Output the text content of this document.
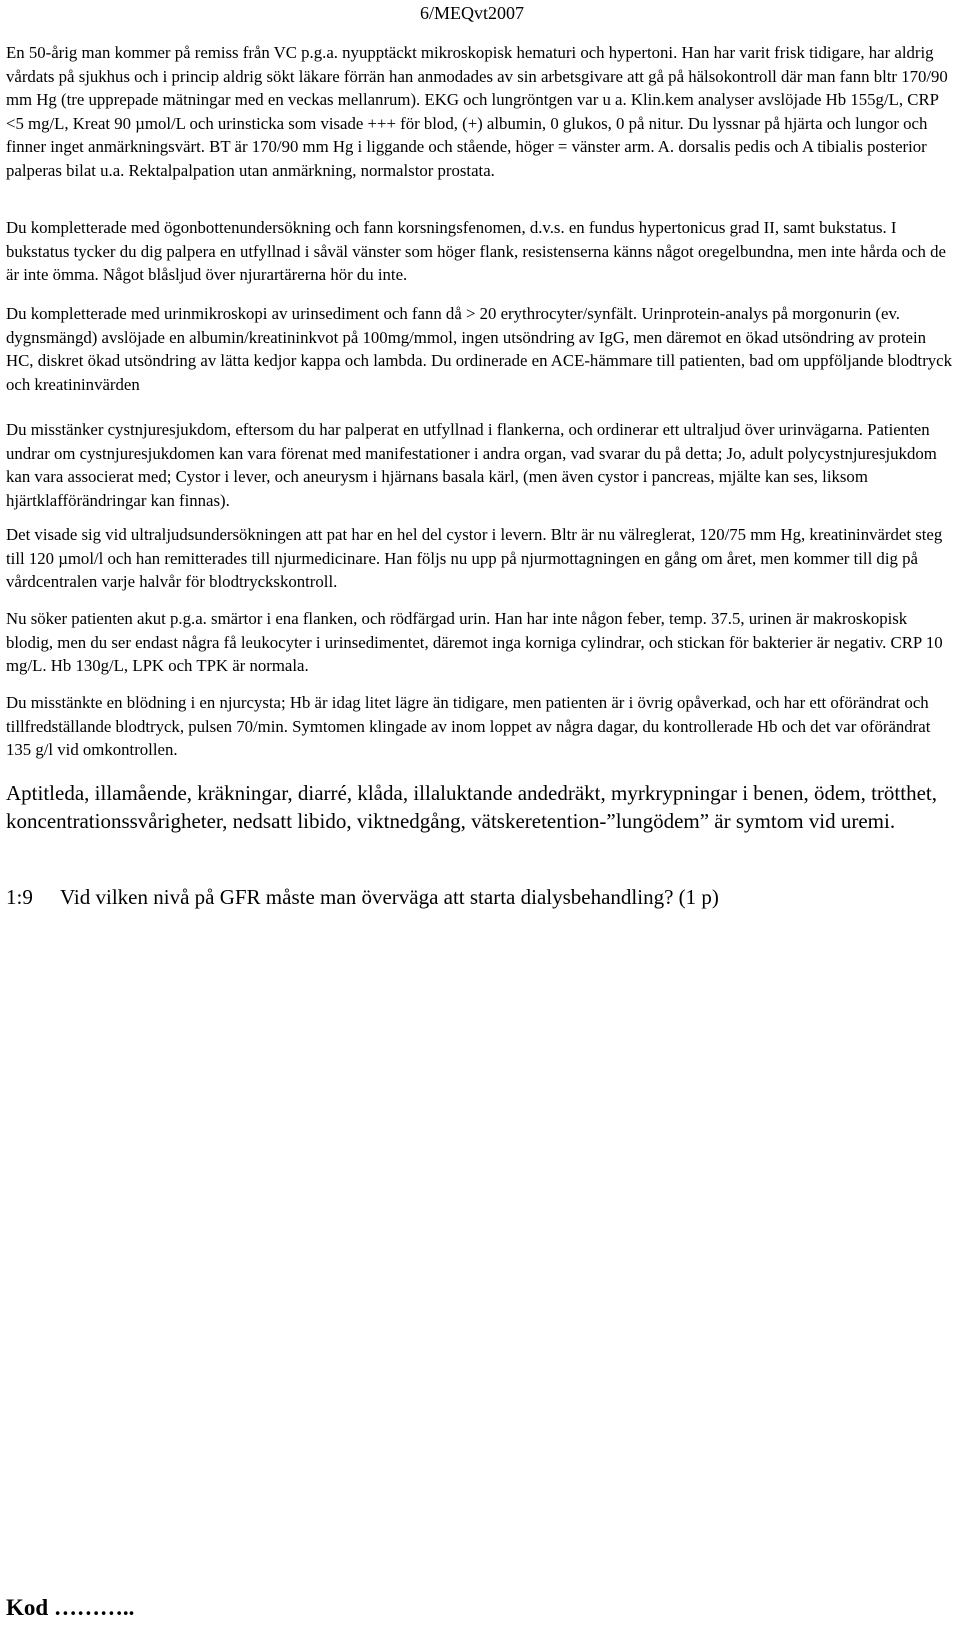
6/MEQvt2007

En 50-årig man kommer på remiss från VC p.g.a. nyupptäckt mikroskopisk hematuri och hypertoni. Han har varit frisk tidigare, har aldrig vårdats på sjukhus och i princip aldrig sökt läkare förrän han anmodades av sin arbetsgivare att gå på hälsokontroll där man fann bltr 170/90 mm Hg (tre upprepade mätningar med en veckas mellanrum). EKG och lungröntgen var u a. Klin.kem analyser avslöjade Hb 155g/L, CRP <5 mg/L, Kreat 90 µmol/L och urinsticka som visade +++ för blod, (+) albumin, 0 glukos, 0 på nitur. Du lyssnar på hjärta och lungor och finner inget anmärkningsvärt. BT är 170/90 mm Hg i liggande och stående, höger = vänster arm. A. dorsalis pedis och A tibialis posterior palperas bilat u.a. Rektalpalpation utan anmärkning, normalstor prostata.

Du kompletterade med ögonbottenundersökning och fann korsningsfenomen, d.v.s. en fundus hypertonicus grad II, samt bukstatus. I bukstatus tycker du dig palpera en utfyllnad i såväl vänster som höger flank, resistenserna känns något oregelbundna, men inte hårda och de är inte ömma. Något blåsljud över njurartärerna hör du inte.

Du kompletterade med urinmikroskopi av urinsediment och fann då > 20 erythrocyter/synfält. Urinprotein-analys på morgonurin (ev. dygnsmängd) avslöjade en albumin/kreatininkvot på 100mg/mmol, ingen utsöndring av IgG, men däremot en ökad utsöndring av protein HC, diskret ökad utsöndring av lätta kedjor kappa och lambda. Du ordinerade en ACE-hämmare till patienten, bad om uppföljande blodtryck och kreatininvärden

Du misstänker cystnjuresjukdom, eftersom du har palperat en utfyllnad i flankerna, och ordinerar ett ultraljud över urinvägarna. Patienten undrar om cystnjuresjukdomen kan vara förenat med manifestationer i andra organ, vad svarar du på detta; Jo, adult polycystnjuresjukdom kan vara associerat med; Cystor i lever, och aneurysm i hjärnans basala kärl, (men även cystor i pancreas, mjälte kan ses, liksom hjärtklafförändringar kan finnas).

Det visade sig vid ultraljudsundersökningen att pat har en hel del cystor i levern. Bltr är nu välreglerat, 120/75 mm Hg, kreatininvärdet steg till 120 µmol/l och han remitterades till njurmedicinare. Han följs nu upp på njurmottagningen en gång om året, men kommer till dig på vårdcentralen varje halvår för blodtryckskontroll.

Nu söker patienten akut p.g.a. smärtor i ena flanken, och rödfärgad urin. Han har inte någon feber, temp. 37.5, urinen är makroskopisk blodig, men du ser endast några få leukocyter i urinsedimentet, däremot inga korniga cylindrar, och stickan för bakterier är negativ. CRP 10 mg/L. Hb 130g/L, LPK och TPK är normala.

Du misstänkte en blödning i en njurcysta; Hb är idag litet lägre än tidigare, men patienten är i övrig opåverkad, och har ett oförändrat och tillfredställande blodtryck, pulsen 70/min. Symtomen klingade av inom loppet av några dagar, du kontrollerade Hb och det var oförändrat 135 g/l vid omkontrollen.

Aptitleda, illamående, kräkningar, diarré, klåda, illaluktande andedräkt, myrkrypningar i benen, ödem, trötthet, koncentrationssvårigheter, nedsatt libido, viktnedgång, vätskeretention-”lungödem” är symtom vid uremi.

1:9 Vid vilken nivå på GFR måste man överväga att starta dialysbehandling? (1 p)

Kod ………..
